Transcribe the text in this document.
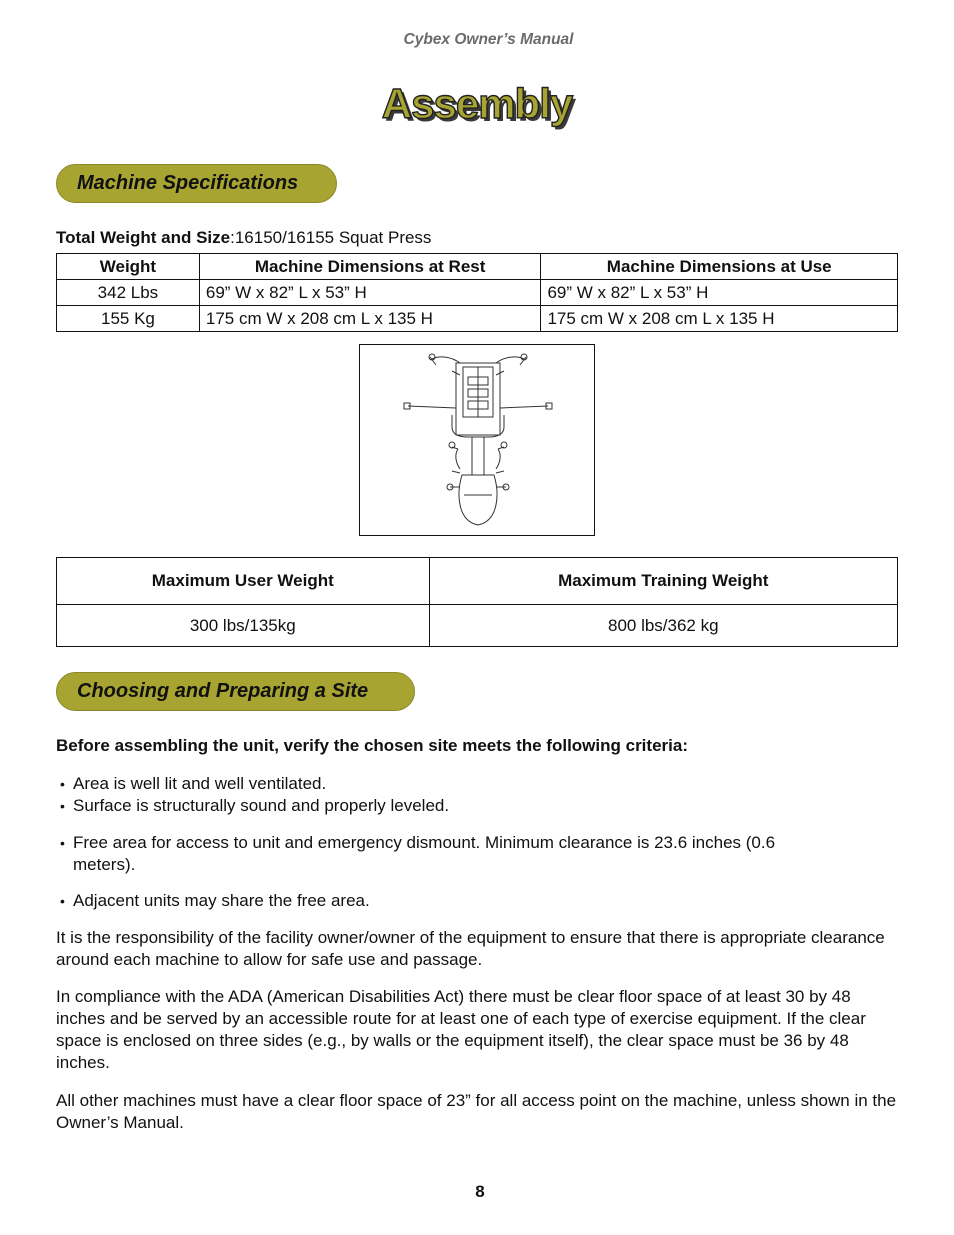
Cybex Owner’s Manual
Assembly
Machine Specifications
Total Weight and Size:16150/16155 Squat Press
Weight	Machine Dimensions at Rest	Machine Dimensions at Use
342 Lbs	69” W x 82” L x 53” H	69” W x 82” L x 53” H
155 Kg	175 cm W x 208 cm L x 135 H	175 cm W x 208 cm L x 135 H
Maximum User Weight	Maximum Training Weight
300 lbs/135kg	800 lbs/362 kg
Choosing and Preparing a Site
Before assembling the unit, verify the chosen site meets the following criteria:
• Area is well lit and well ventilated.
• Surface is structurally sound and properly leveled.
• Free area for access to unit and emergency dismount. Minimum clearance is 23.6 inches (0.6 meters).
• Adjacent units may share the free area.

It is the responsibility of the facility owner/owner of the equipment to ensure that there is appropriate clearance around each machine to allow for safe use and passage.

In compliance with the ADA (American Disabilities Act) there must be clear floor space of at least 30 by 48 inches and be served by an accessible route for at least one of each type of exercise equipment. If the clear space is enclosed on three sides (e.g., by walls or the equipment itself), the clear space must be 36 by 48 inches.

All other machines must have a clear floor space of 23” for all access point on the machine, unless shown in the Owner’s Manual.

8
